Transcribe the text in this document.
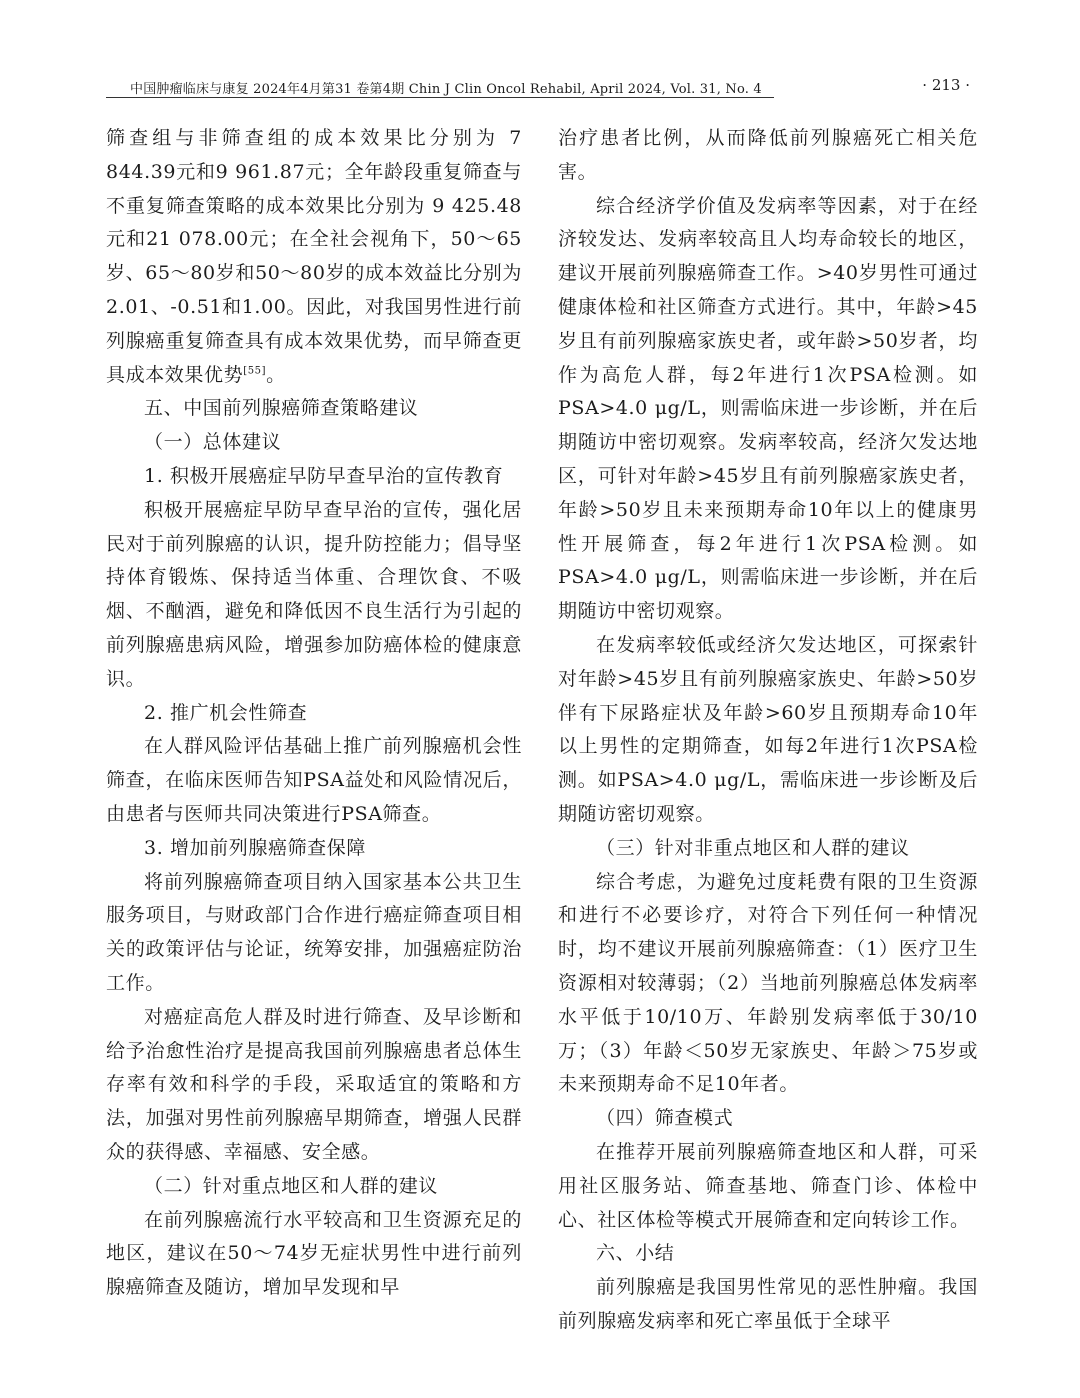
中国肿瘤临床与康复 2024年4月第31 卷第4期 Chin J Clin Oncol Rehabil, April 2024, Vol. 31, No. 4	· 213 ·

筛查组与非筛查组的成本效果比分别为 7 844.39元和9 961.87元；全年龄段重复筛查与不重复筛查策略的成本效果比分别为 9 425.48元和21 078.00元；在全社会视角下，50～65岁、65～80岁和50～80岁的成本效益比分别为2.01、-0.51和1.00。因此，对我国男性进行前列腺癌重复筛查具有成本效果优势，而早筛查更具成本效果优势[55]。

五、中国前列腺癌筛查策略建议

（一）总体建议

1. 积极开展癌症早防早查早治的宣传教育

积极开展癌症早防早查早治的宣传，强化居民对于前列腺癌的认识，提升防控能力；倡导坚持体育锻炼、保持适当体重、合理饮食、不吸烟、不酗酒，避免和降低因不良生活行为引起的前列腺癌患病风险，增强参加防癌体检的健康意识。

2. 推广机会性筛查

在人群风险评估基础上推广前列腺癌机会性筛查，在临床医师告知PSA益处和风险情况后，由患者与医师共同决策进行PSA筛查。

3. 增加前列腺癌筛查保障

将前列腺癌筛查项目纳入国家基本公共卫生服务项目，与财政部门合作进行癌症筛查项目相关的政策评估与论证，统筹安排，加强癌症防治工作。

对癌症高危人群及时进行筛查、及早诊断和给予治愈性治疗是提高我国前列腺癌患者总体生存率有效和科学的手段，采取适宜的策略和方法，加强对男性前列腺癌早期筛查，增强人民群众的获得感、幸福感、安全感。

（二）针对重点地区和人群的建议

在前列腺癌流行水平较高和卫生资源充足的地区，建议在50～74岁无症状男性中进行前列腺癌筛查及随访，增加早发现和早

治疗患者比例，从而降低前列腺癌死亡相关危害。

综合经济学价值及发病率等因素，对于在经济较发达、发病率较高且人均寿命较长的地区，建议开展前列腺癌筛查工作。>40岁男性可通过健康体检和社区筛查方式进行。其中，年龄>45岁且有前列腺癌家族史者，或年龄>50岁者，均作为高危人群，每2年进行1次PSA检测。如PSA>4.0 μg/L，则需临床进一步诊断，并在后期随访中密切观察。发病率较高，经济欠发达地区，可针对年龄>45岁且有前列腺癌家族史者，年龄>50岁且未来预期寿命10年以上的健康男性开展筛查，每2年进行1次PSA检测。如PSA>4.0 μg/L，则需临床进一步诊断，并在后期随访中密切观察。

在发病率较低或经济欠发达地区，可探索针对年龄>45岁且有前列腺癌家族史、年龄>50岁伴有下尿路症状及年龄>60岁且预期寿命10年以上男性的定期筛查，如每2年进行1次PSA检测。如PSA>4.0 μg/L，需临床进一步诊断及后期随访密切观察。

（三）针对非重点地区和人群的建议

综合考虑，为避免过度耗费有限的卫生资源和进行不必要诊疗，对符合下列任何一种情况时，均不建议开展前列腺癌筛查：（1）医疗卫生资源相对较薄弱；（2）当地前列腺癌总体发病率水平低于10/10万、年龄别发病率低于30/10万；（3）年龄＜50岁无家族史、年龄＞75岁或未来预期寿命不足10年者。

（四）筛查模式

在推荐开展前列腺癌筛查地区和人群，可采用社区服务站、筛查基地、筛查门诊、体检中心、社区体检等模式开展筛查和定向转诊工作。

六、小结

前列腺癌是我国男性常见的恶性肿瘤。我国前列腺癌发病率和死亡率虽低于全球平
